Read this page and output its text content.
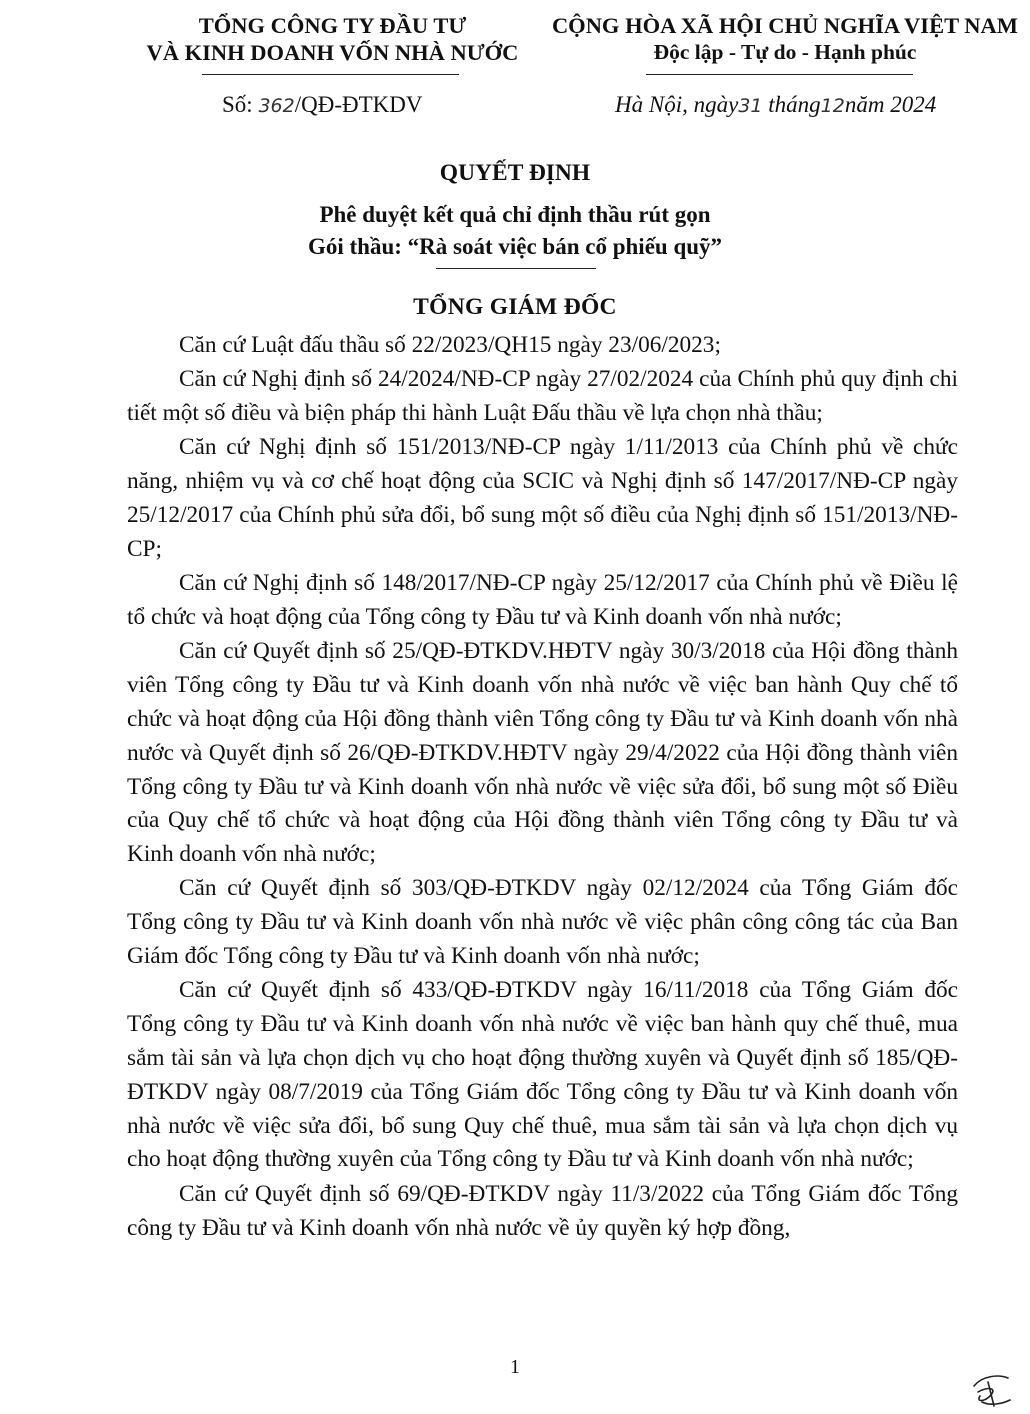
TỔNG CÔNG TY ĐẦU TƯ
VÀ KINH DOANH VỐN NHÀ NƯỚC
CỘNG HÒA XÃ HỘI CHỦ NGHĨA VIỆT NAM
Độc lập - Tự do - Hạnh phúc
Số: 362/QĐ-ĐTKDV	Hà Nội, ngày31 tháng12năm 2024
QUYẾT ĐỊNH
Phê duyệt kết quả chỉ định thầu rút gọn
Gói thầu: “Rà soát việc bán cổ phiếu quỹ”
TỔNG GIÁM ĐỐC

Căn cứ Luật đấu thầu số 22/2023/QH15 ngày 23/06/2023;

Căn cứ Nghị định số 24/2024/NĐ-CP ngày 27/02/2024 của Chính phủ quy định chi tiết một số điều và biện pháp thi hành Luật Đấu thầu về lựa chọn nhà thầu;

Căn cứ Nghị định số 151/2013/NĐ-CP ngày 1/11/2013 của Chính phủ về chức năng, nhiệm vụ và cơ chế hoạt động của SCIC và Nghị định số 147/2017/NĐ-CP ngày 25/12/2017 của Chính phủ sửa đổi, bổ sung một số điều của Nghị định số 151/2013/NĐ-CP;

Căn cứ Nghị định số 148/2017/NĐ-CP ngày 25/12/2017 của Chính phủ về Điều lệ tổ chức và hoạt động của Tổng công ty Đầu tư và Kinh doanh vốn nhà nước;

Căn cứ Quyết định số 25/QĐ-ĐTKDV.HĐTV ngày 30/3/2018 của Hội đồng thành viên Tổng công ty Đầu tư và Kinh doanh vốn nhà nước về việc ban hành Quy chế tổ chức và hoạt động của Hội đồng thành viên Tổng công ty Đầu tư và Kinh doanh vốn nhà nước và Quyết định số 26/QĐ-ĐTKDV.HĐTV ngày 29/4/2022 của Hội đồng thành viên Tổng công ty Đầu tư và Kinh doanh vốn nhà nước về việc sửa đổi, bổ sung một số Điều của Quy chế tổ chức và hoạt động của Hội đồng thành viên Tổng công ty Đầu tư và Kinh doanh vốn nhà nước;

Căn cứ Quyết định số 303/QĐ-ĐTKDV ngày 02/12/2024 của Tổng Giám đốc Tổng công ty Đầu tư và Kinh doanh vốn nhà nước về việc phân công công tác của Ban Giám đốc Tổng công ty Đầu tư và Kinh doanh vốn nhà nước;

Căn cứ Quyết định số 433/QĐ-ĐTKDV ngày 16/11/2018 của Tổng Giám đốc Tổng công ty Đầu tư và Kinh doanh vốn nhà nước về việc ban hành quy chế thuê, mua sắm tài sản và lựa chọn dịch vụ cho hoạt động thường xuyên và Quyết định số 185/QĐ-ĐTKDV ngày 08/7/2019 của Tổng Giám đốc Tổng công ty Đầu tư và Kinh doanh vốn nhà nước về việc sửa đổi, bổ sung Quy chế thuê, mua sắm tài sản và lựa chọn dịch vụ cho hoạt động thường xuyên của Tổng công ty Đầu tư và Kinh doanh vốn nhà nước;

Căn cứ Quyết định số 69/QĐ-ĐTKDV ngày 11/3/2022 của Tổng Giám đốc Tổng công ty Đầu tư và Kinh doanh vốn nhà nước về ủy quyền ký hợp đồng,

1
